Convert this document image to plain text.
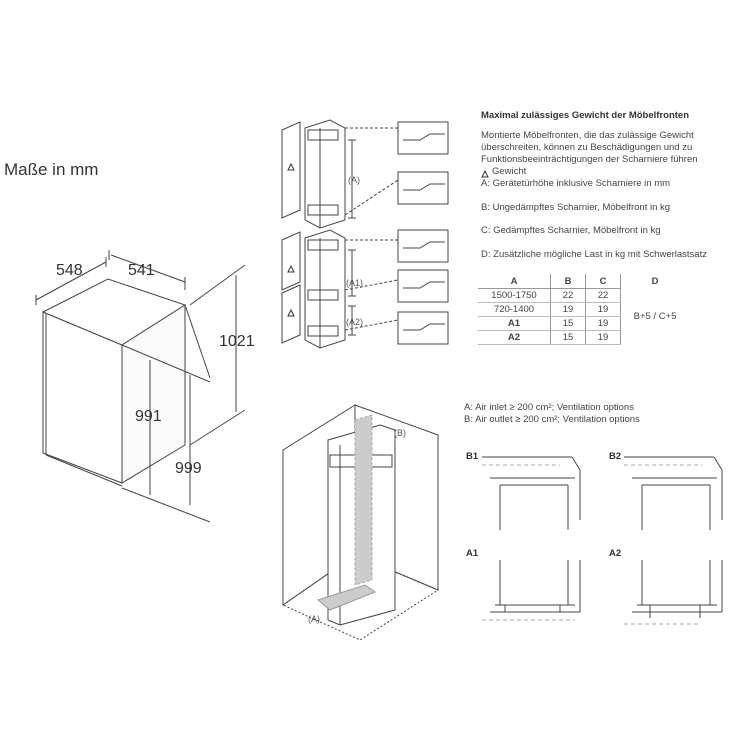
Maße in mm
548	541
1021
991
999
(A)
(A1)
(A2)
Maximal zulässiges Gewicht der Möbelfronten
Montierte Möbelfronten, die das zulässige Gewicht
überschreiten, können zu Beschädigungen und zu
Funktionsbeeinträchtigungen der Scharniere führen
Gewicht
A: Gerätetürhöhe inklusive Scharniere in mm
B: Ungedämpftes Scharnier, Möbelfront in kg
C: Gedämpftes Scharnier, Möbelfront in kg
D: Zusätzliche mögliche Last in kg mit Schwerlastsatz
A	B	C	D
1500-1750	22	22	B+5 / C+5
720-1400	19	19	
A1	15	19	
A2	15	19	
(B)
(A)
A: Air inlet ≥ 200 cm²; Ventilation options
B: Air outlet ≥ 200 cm²; Ventilation options
B1	B2
A1	A2
